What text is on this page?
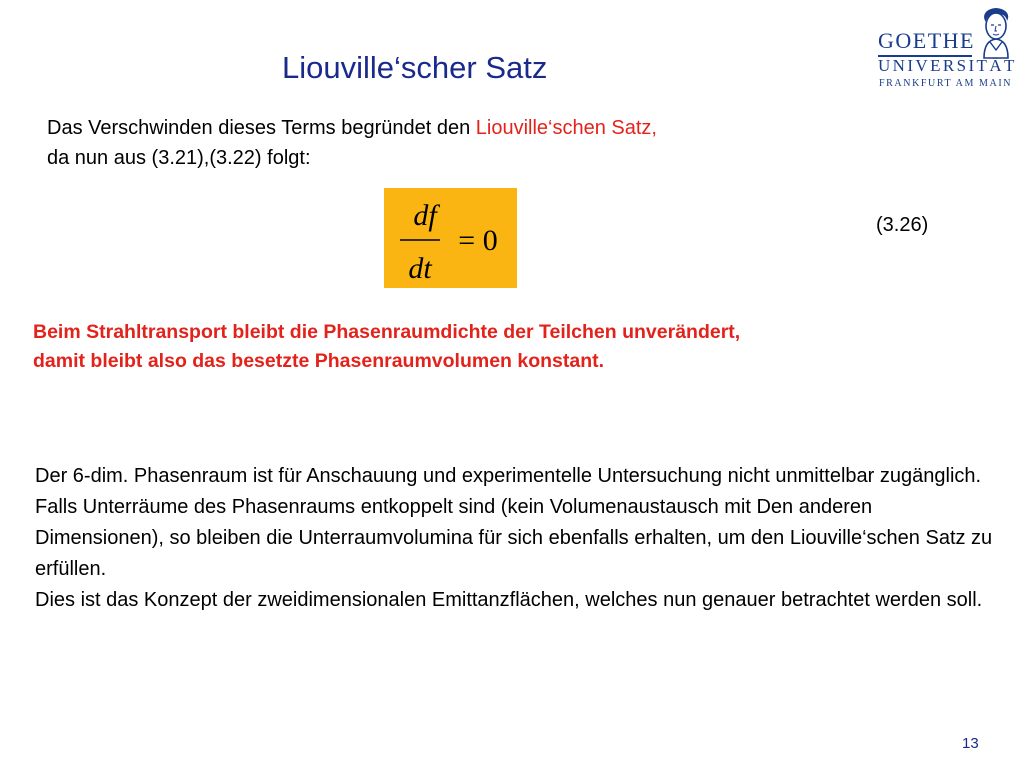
Liouville‘scher Satz
GOETHE
UNIVERSITÄT
FRANKFURT AM MAIN
Das Verschwinden dieses Terms begründet den Liouville‘schen Satz,
da nun aus (3.21),(3.22) folgt:
df
dt
= 0	(3.26)
Beim Strahltransport bleibt die Phasenraumdichte der Teilchen unverändert,
damit bleibt also das besetzte Phasenraumvolumen konstant.

Der 6-dim. Phasenraum ist für Anschauung und experimentelle Untersuchung nicht unmittelbar zugänglich.

Falls Unterräume des Phasenraums entkoppelt sind (kein Volumenaustausch mit Den anderen Dimensionen), so bleiben die Unterraumvolumina für sich ebenfalls erhalten, um den Liouville‘schen Satz zu erfüllen.

Dies ist das Konzept der zweidimensionalen Emittanzflächen, welches nun genauer betrachtet werden soll.

13
